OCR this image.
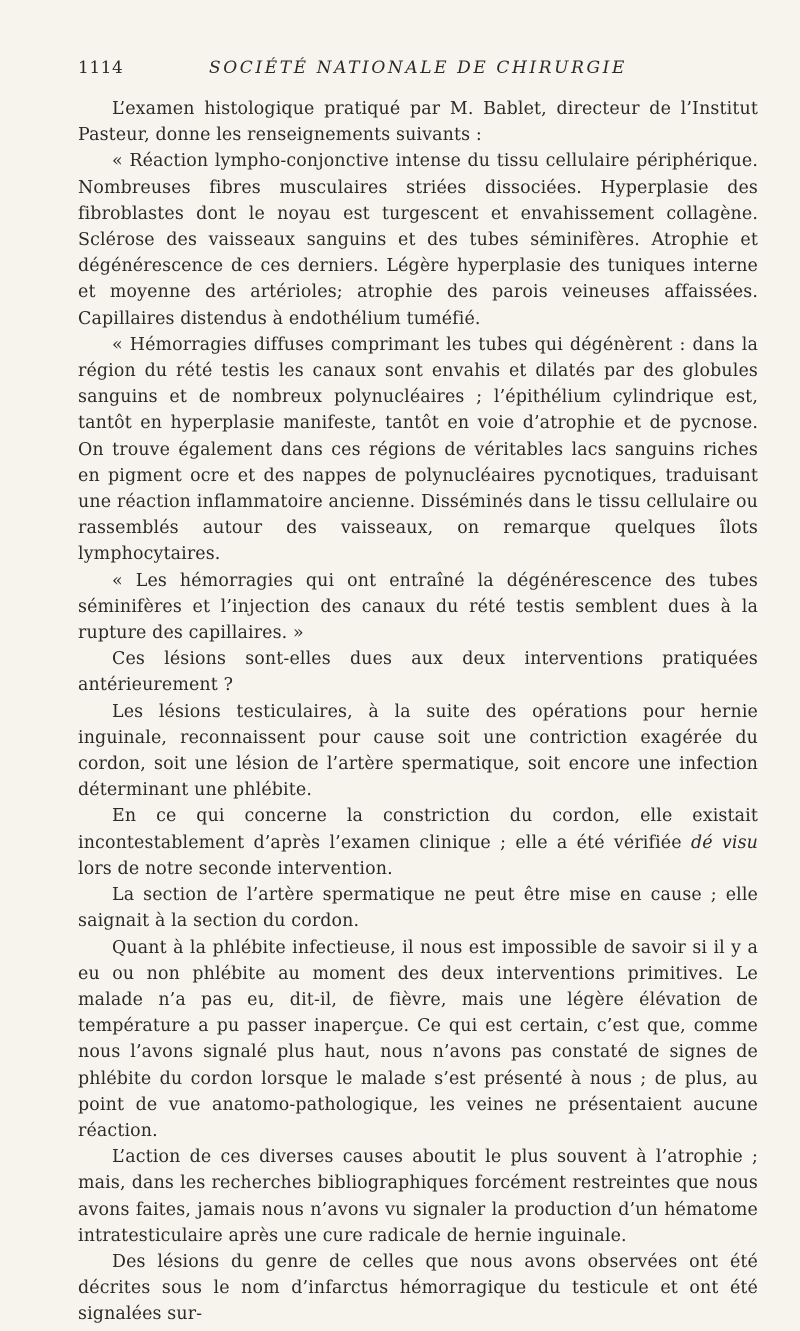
1114	SOCIÉTÉ NATIONALE DE CHIRURGIE

L’examen histologique pratiqué par M. Bablet, directeur de l’Institut Pasteur, donne les renseignements suivants :

« Réaction lympho-conjonctive intense du tissu cellulaire périphérique. Nombreuses fibres musculaires striées dissociées. Hyperplasie des fibroblastes dont le noyau est turgescent et envahissement collagène. Sclérose des vaisseaux sanguins et des tubes séminifères. Atrophie et dégénérescence de ces derniers. Légère hyperplasie des tuniques interne et moyenne des artérioles; atrophie des parois veineuses affaissées. Capillaires distendus à endothélium tuméfié.

« Hémorragies diffuses comprimant les tubes qui dégénèrent : dans la région du rété testis les canaux sont envahis et dilatés par des globules sanguins et de nombreux polynucléaires ; l’épithélium cylindrique est, tantôt en hyperplasie manifeste, tantôt en voie d’atrophie et de pycnose. On trouve également dans ces régions de véritables lacs sanguins riches en pigment ocre et des nappes de polynucléaires pycnotiques, traduisant une réaction inflammatoire ancienne. Disséminés dans le tissu cellulaire ou rassemblés autour des vaisseaux, on remarque quelques îlots lymphocytaires.

« Les hémorragies qui ont entraîné la dégénérescence des tubes séminifères et l’injection des canaux du rété testis semblent dues à la rupture des capillaires. »

Ces lésions sont-elles dues aux deux interventions pratiquées antérieurement ?

Les lésions testiculaires, à la suite des opérations pour hernie inguinale, reconnaissent pour cause soit une contriction exagérée du cordon, soit une lésion de l’artère spermatique, soit encore une infection déterminant une phlébite.

En ce qui concerne la constriction du cordon, elle existait incontestablement d’après l’examen clinique ; elle a été vérifiée dé visu lors de notre seconde intervention.

La section de l’artère spermatique ne peut être mise en cause ; elle saignait à la section du cordon.

Quant à la phlébite infectieuse, il nous est impossible de savoir si il y a eu ou non phlébite au moment des deux interventions primitives. Le malade n’a pas eu, dit-il, de fièvre, mais une légère élévation de température a pu passer inaperçue. Ce qui est certain, c’est que, comme nous l’avons signalé plus haut, nous n’avons pas constaté de signes de phlébite du cordon lorsque le malade s’est présenté à nous ; de plus, au point de vue anatomo-pathologique, les veines ne présentaient aucune réaction.

L’action de ces diverses causes aboutit le plus souvent à l’atrophie ; mais, dans les recherches bibliographiques forcément restreintes que nous avons faites, jamais nous n’avons vu signaler la production d’un hématome intratesticulaire après une cure radicale de hernie inguinale.

Des lésions du genre de celles que nous avons observées ont été décrites sous le nom d’infarctus hémorragique du testicule et ont été signalées sur-
